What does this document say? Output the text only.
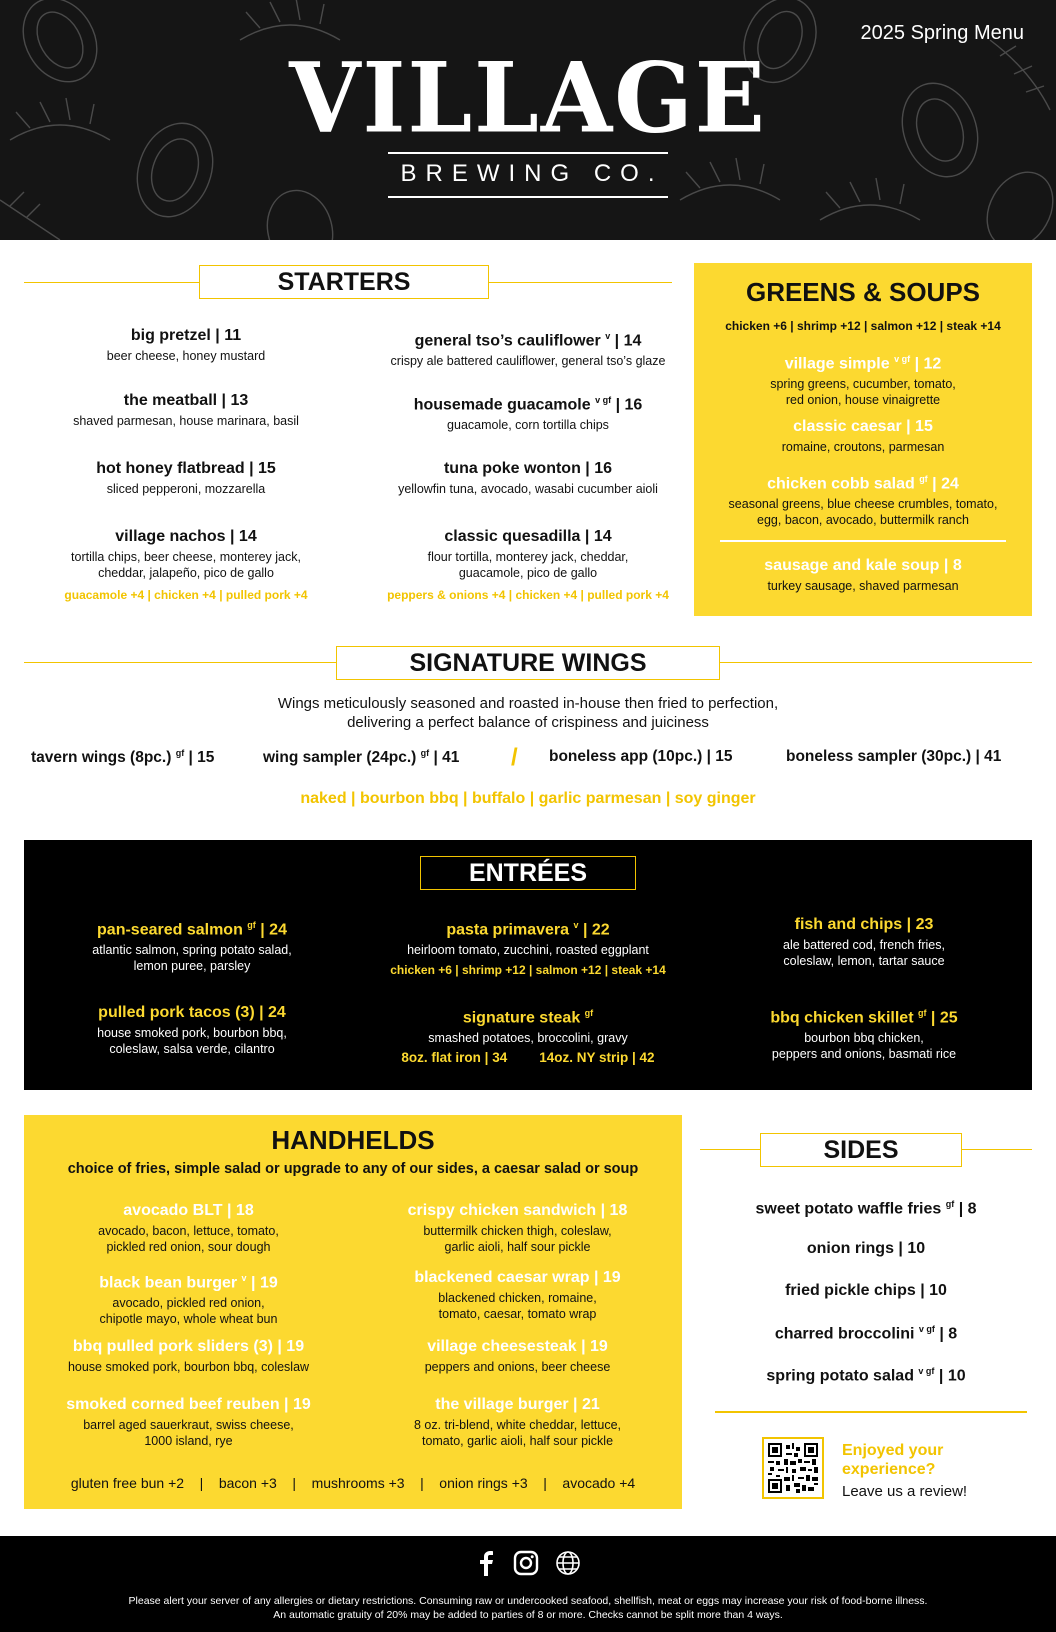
2025 Spring Menu
VILLAGE
BREWING CO.
STARTERS
big pretzel | 11
beer cheese, honey mustard
the meatball | 13
shaved parmesan, house marinara, basil
hot honey flatbread | 15
sliced pepperoni, mozzarella
village nachos | 14
tortilla chips, beer cheese, monterey jack,
cheddar, jalapeño, pico de gallo
guacamole +4 | chicken +4 | pulled pork +4
general tso’s cauliflower $^v$ | 14
crispy ale battered cauliflower, general tso’s glaze
housemade guacamole $^{v gf}$ | 16
guacamole, corn tortilla chips
tuna poke wonton | 16
yellowfin tuna, avocado, wasabi cucumber aioli
classic quesadilla | 14
flour tortilla, monterey jack, cheddar,
guacamole, pico de gallo
peppers & onions +4 | chicken +4 | pulled pork +4
GREENS & SOUPS
chicken +6 | shrimp +12 | salmon +12 | steak +14
village simple $^{v gf}$ | 12
spring greens, cucumber, tomato,
red onion, house vinaigrette
classic caesar | 15
romaine, croutons, parmesan
chicken cobb salad $^{gf}$ | 24
seasonal greens, blue cheese crumbles, tomato,
egg, bacon, avocado, buttermilk ranch
sausage and kale soup | 8
turkey sausage, shaved parmesan
SIGNATURE WINGS
Wings meticulously seasoned and roasted in-house then fried to perfection,
delivering a perfect balance of crispiness and juiciness
tavern wings (8pc.) $^{gf}$ | 15	wing sampler (24pc.) $^{gf}$ | 41 / boneless app (10pc.) | 15	boneless sampler (30pc.) | 41
naked | bourbon bbq | buffalo | garlic parmesan | soy ginger
ENTRÉES
pan-seared salmon $^{gf}$ | 24
atlantic salmon, spring potato salad,
lemon puree, parsley
pasta primavera $^v$ | 22
heirloom tomato, zucchini, roasted eggplant
chicken +6 | shrimp +12 | salmon +12 | steak +14
fish and chips | 23
ale battered cod, french fries,
coleslaw, lemon, tartar sauce
pulled pork tacos (3) | 24
house smoked pork, bourbon bbq,
coleslaw, salsa verde, cilantro
signature steak $^{gf}$
smashed potatoes, broccolini, gravy
8oz. flat iron | 34 14oz. NY strip | 42
bbq chicken skillet $^{gf}$ | 25
bourbon bbq chicken,
peppers and onions, basmati rice
HANDHELDS
choice of fries, simple salad or upgrade to any of our sides, a caesar salad or soup
avocado BLT | 18
avocado, bacon, lettuce, tomato,
pickled red onion, sour dough
crispy chicken sandwich | 18
buttermilk chicken thigh, coleslaw,
garlic aioli, half sour pickle
black bean burger $^v$ | 19
avocado, pickled red onion,
chipotle mayo, whole wheat bun
blackened caesar wrap | 19
blackened chicken, romaine,
tomato, caesar, tomato wrap
bbq pulled pork sliders (3) | 19
house smoked pork, bourbon bbq, coleslaw
village cheesesteak | 19
peppers and onions, beer cheese
smoked corned beef reuben | 19
barrel aged sauerkraut, swiss cheese,
1000 island, rye
the village burger | 21
8 oz. tri-blend, white cheddar, lettuce,
tomato, garlic aioli, half sour pickle
gluten free bun +2    |    bacon +3    |    mushrooms +3    |    onion rings +3    |    avocado +4
SIDES
sweet potato waffle fries $^{gf}$ | 8
onion rings | 10
fried pickle chips | 10
charred broccolini $^{v gf}$ | 8
spring potato salad $^{v gf}$ | 10
Enjoyed your experience?
Leave us a review!

Please alert your server of any allergies or dietary restrictions. Consuming raw or undercooked seafood, shellfish, meat or eggs may increase your risk of food-borne illness.
An automatic gratuity of 20% may be added to parties of 8 or more. Checks cannot be split more than 4 ways.
